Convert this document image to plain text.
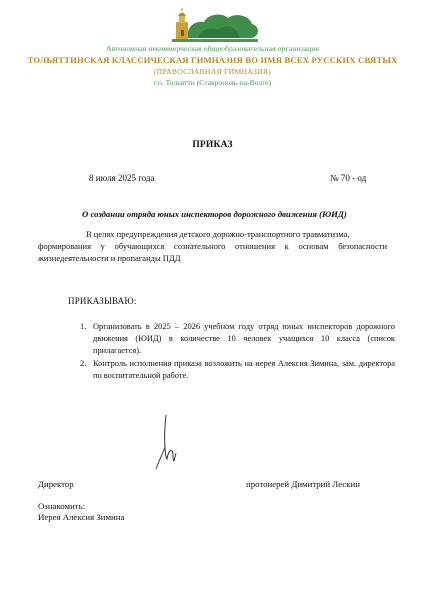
Автономная некоммерческая общеобразовательная организация
ТОЛЬЯТТИНСКАЯ КЛАССИЧЕСКАЯ ГИМНАЗИЯ ВО ИМЯ ВСЕХ РУССКИХ СВЯТЫХ
(ПРАВОСЛАВНАЯ ГИМНАЗИЯ)
г.о. Тольятти (Ставрополь-на-Волге)
ПРИКАЗ
8 июля 2025 года	№ 70 - од
О создании отряда юных инспекторов дорожного движения (ЮИД)
В целях предупреждения детского дорожно-транспортного травматизма,
формирования у обучающихся сознательного отношения к основам безопасности жизнедеятельности и пропаганды ПДД
ПРИКАЗЫВАЮ:
1. Организовать в 2025 – 2026 учебном году отряд юных инспекторов дорожного движения (ЮИД) в количестве 10 человек учащихся 10 класса (список прилагается).
2. Контроль исполнения приказа возложить на иерея Алексия Зимина, зам. директора по воспитательной работе.
Директор	протоиерей Димитрий Лескин
Ознакомить:
Иерея Алексия Зимина
